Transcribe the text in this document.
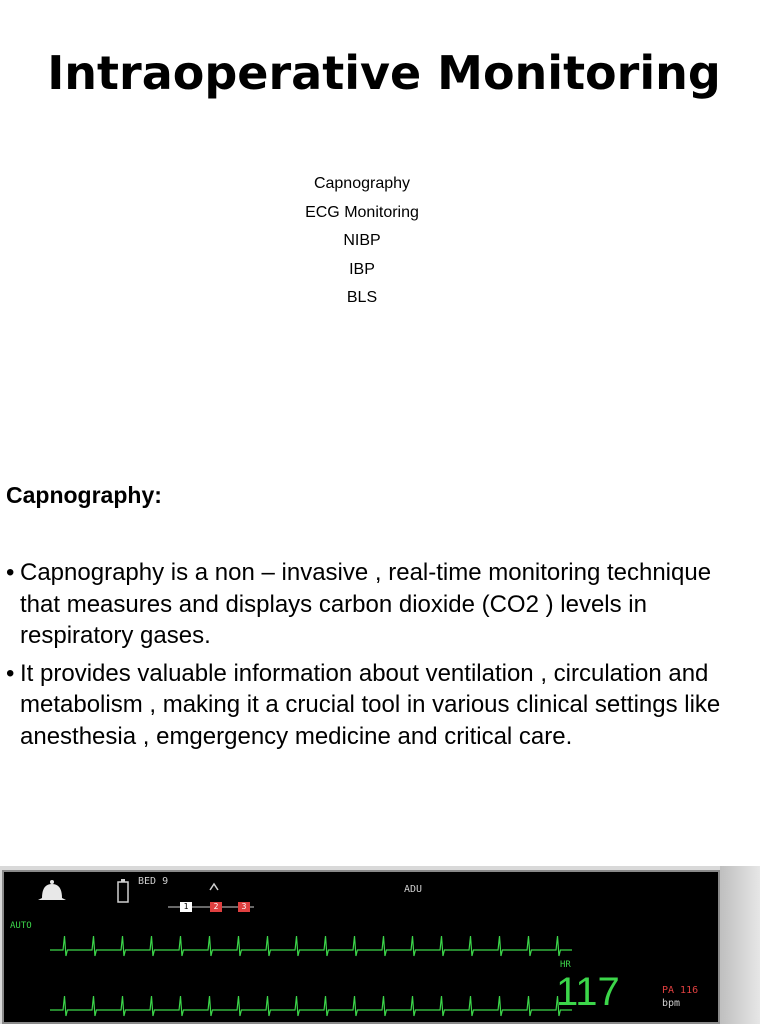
Intraoperative Monitoring
Capnography
ECG Monitoring
NIBP
IBP
BLS
Capnography:
• Capnography is a non – invasive , real-time monitoring technique that measures and displays carbon dioxide (CO2 ) levels in respiratory gases.
• It provides valuable information about ventilation , circulation and metabolism , making it a crucial tool in various clinical settings like anesthesia , emgergency medicine and critical care.
BED 9
ADU
1	2	3
AUTO
HR
117	PA 116
bpm
